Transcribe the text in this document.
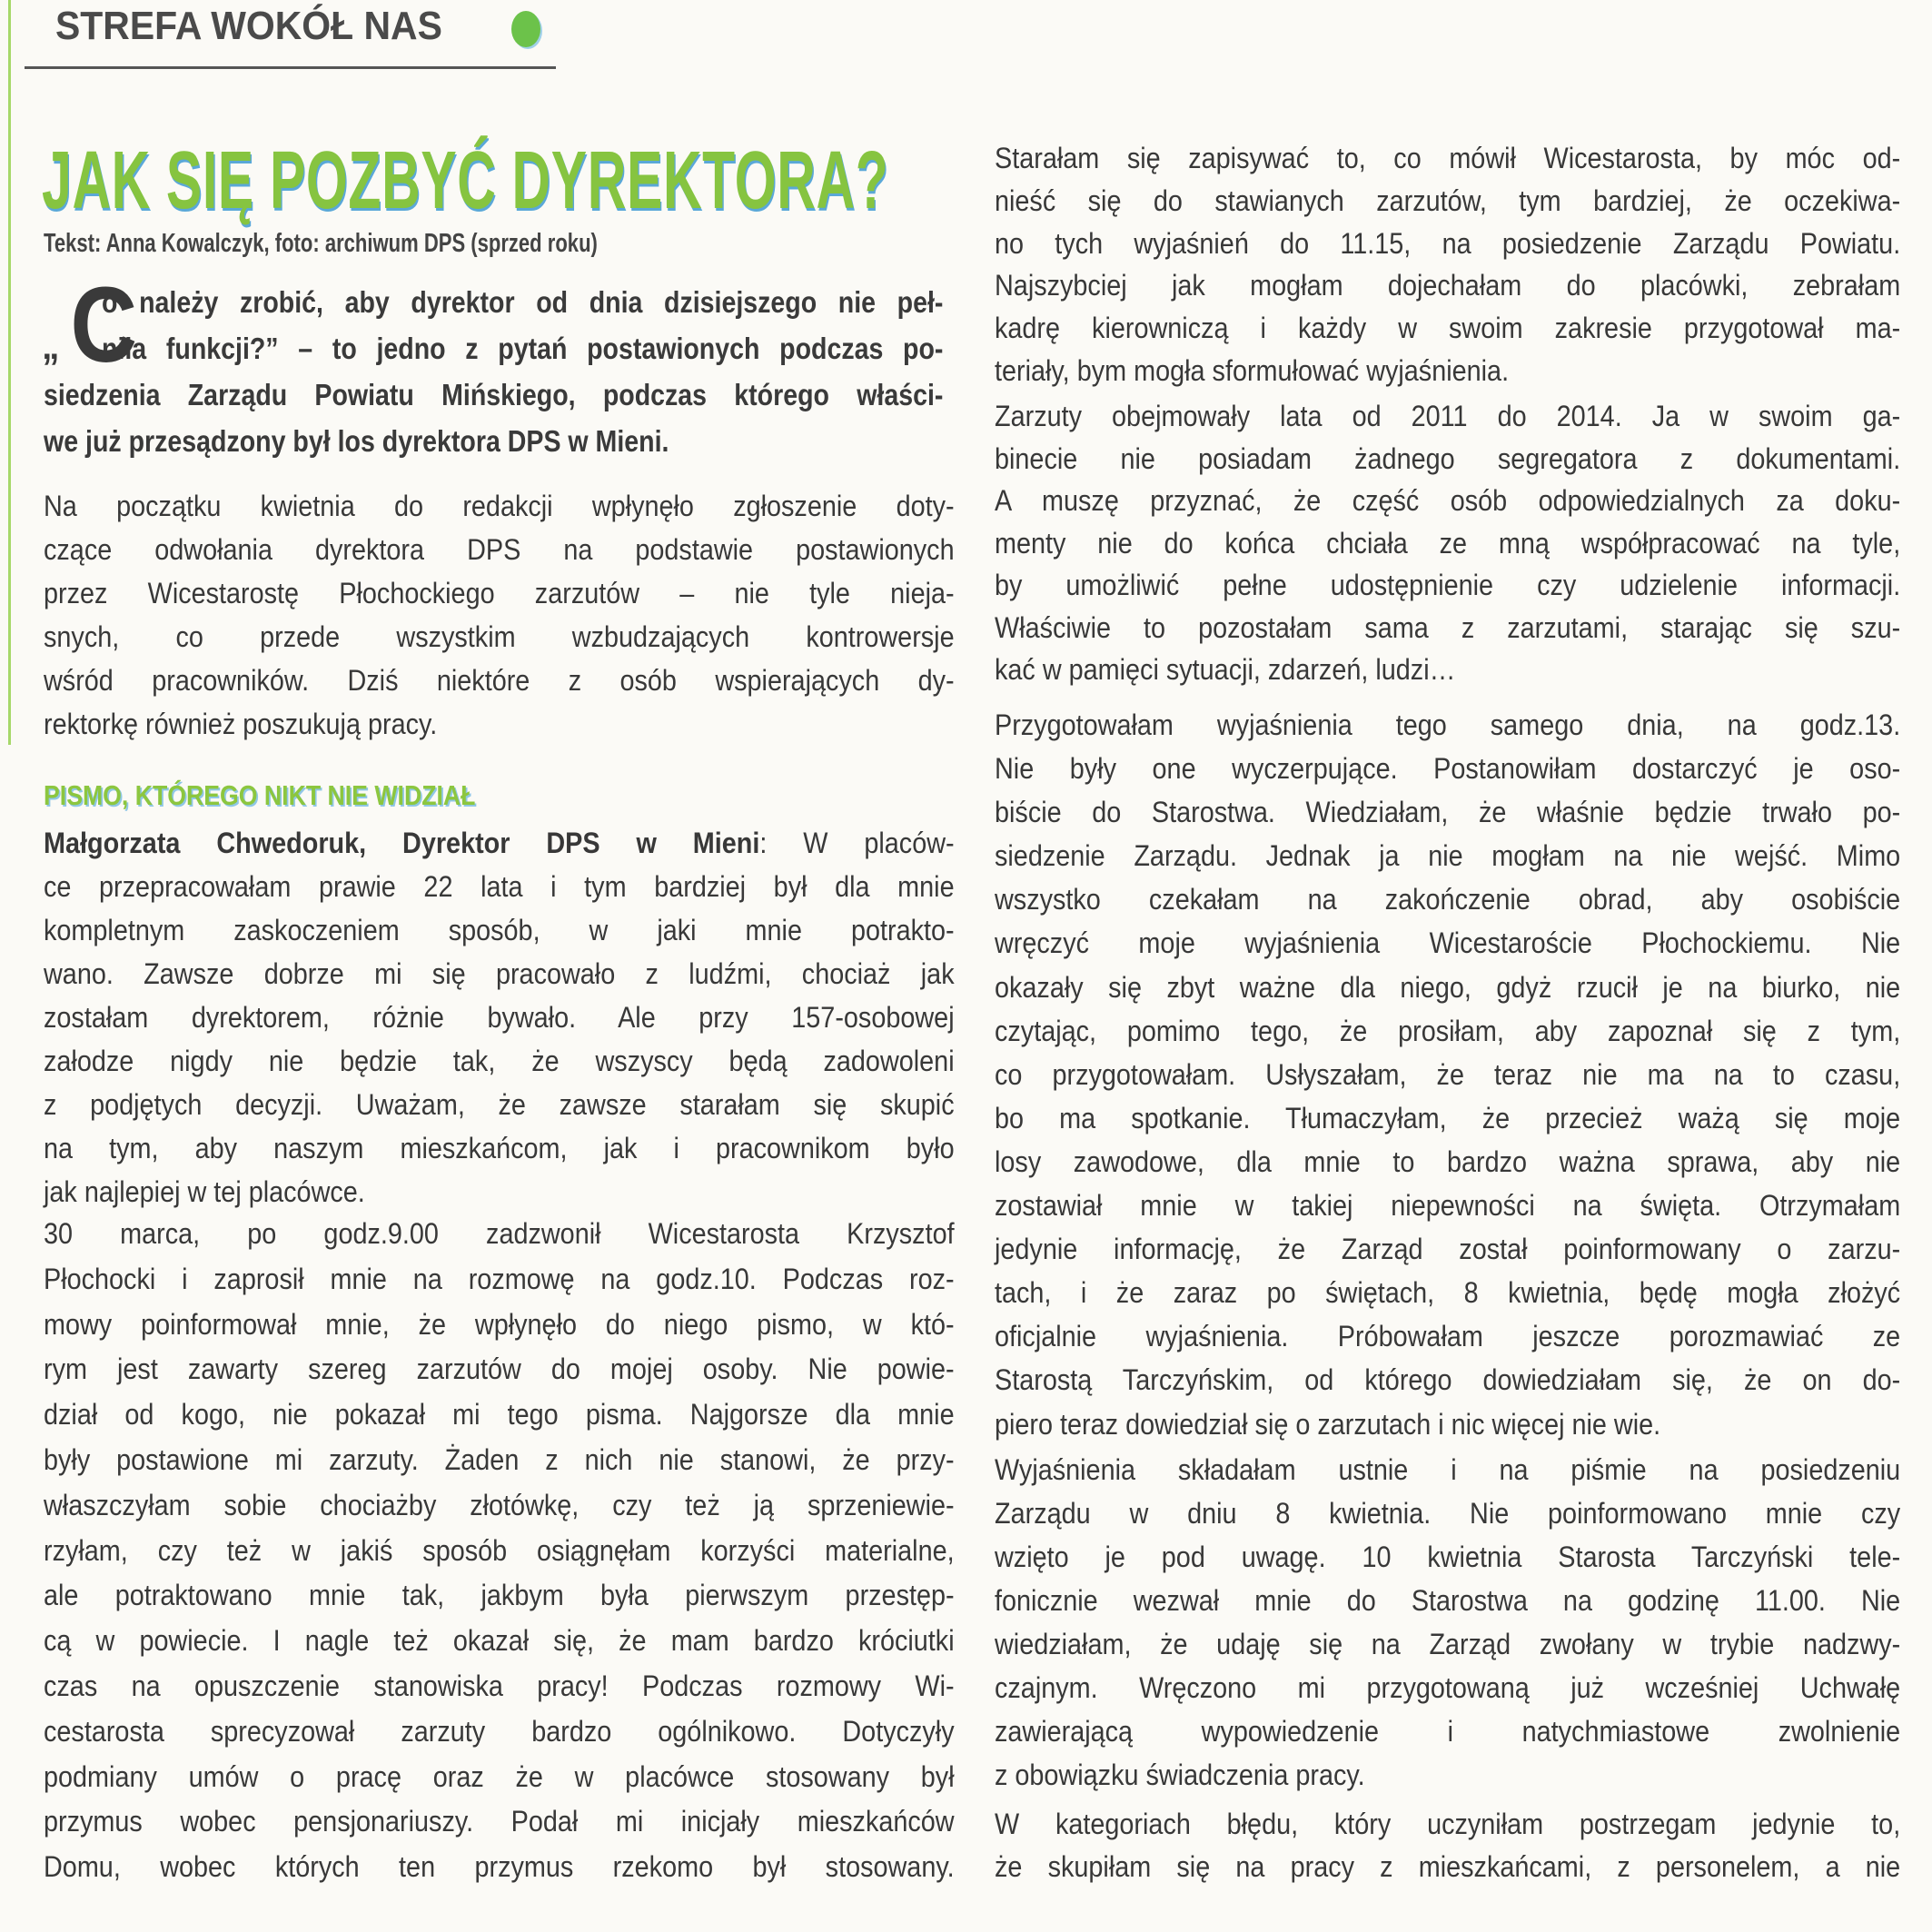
STREFA WOKÓŁ NAS
JAK SIĘ POZBYĆ DYREKTORA?
Tekst: Anna Kowalczyk, foto: archiwum DPS (sprzed roku)
„ C
o należy zrobić, aby dyrektor od dnia dzisiejszego nie peł-
niła funkcji?” – to jedno z pytań postawionych podczas po-
siedzenia Zarządu Powiatu Mińskiego, podczas którego właści-
we już przesądzony był los dyrektora DPS w Mieni.
PISMO, KTÓREGO NIKT NIE WIDZIAŁ
Na początku kwietnia do redakcji wpłynęło zgłoszenie doty-
czące odwołania dyrektora DPS na podstawie postawionych
przez Wicestarostę Płochockiego zarzutów – nie tyle nieja-
snych, co przede wszystkim wzbudzających kontrowersje
wśród pracowników. Dziś niektóre z osób wspierających dy-
rektorkę również poszukują pracy.
Małgorzata Chwedoruk, Dyrektor DPS w Mieni: W placów-
ce przepracowałam prawie 22 lata i tym bardziej był dla mnie
kompletnym zaskoczeniem sposób, w jaki mnie potrakto-
wano. Zawsze dobrze mi się pracowało z ludźmi, chociaż jak
zostałam dyrektorem, różnie bywało. Ale przy 157-osobowej
załodze nigdy nie będzie tak, że wszyscy będą zadowoleni
z podjętych decyzji. Uważam, że zawsze starałam się skupić
na tym, aby naszym mieszkańcom, jak i pracownikom było
jak najlepiej w tej placówce.
30 marca, po godz.9.00 zadzwonił Wicestarosta Krzysztof
Płochocki i zaprosił mnie na rozmowę na godz.10. Podczas roz-
mowy poinformował mnie, że wpłynęło do niego pismo, w któ-
rym jest zawarty szereg zarzutów do mojej osoby. Nie powie-
dział od kogo, nie pokazał mi tego pisma. Najgorsze dla mnie
były postawione mi zarzuty. Żaden z nich nie stanowi, że przy-
właszczyłam sobie chociażby złotówkę, czy też ją sprzeniewie-
rzyłam, czy też w jakiś sposób osiągnęłam korzyści materialne,
ale potraktowano mnie tak, jakbym była pierwszym przestęp-
cą w powiecie. I nagle też okazał się, że mam bardzo króciutki
czas na opuszczenie stanowiska pracy! Podczas rozmowy Wi-
cestarosta sprecyzował zarzuty bardzo ogólnikowo. Dotyczyły
podmiany umów o pracę oraz że w placówce stosowany był
przymus wobec pensjonariuszy. Podał mi inicjały mieszkańców
Domu, wobec których ten przymus rzekomo był stosowany.
Starałam się zapisywać to, co mówił Wicestarosta, by móc od-
nieść się do stawianych zarzutów, tym bardziej, że oczekiwa-
no tych wyjaśnień do 11.15, na posiedzenie Zarządu Powiatu.
Najszybciej jak mogłam dojechałam do placówki, zebrałam
kadrę kierowniczą i każdy w swoim zakresie przygotował ma-
teriały, bym mogła sformułować wyjaśnienia.
Zarzuty obejmowały lata od 2011 do 2014. Ja w swoim ga-
binecie nie posiadam żadnego segregatora z dokumentami.
A muszę przyznać, że część osób odpowiedzialnych za doku-
menty nie do końca chciała ze mną współpracować na tyle,
by umożliwić pełne udostępnienie czy udzielenie informacji.
Właściwie to pozostałam sama z zarzutami, starając się szu-
kać w pamięci sytuacji, zdarzeń, ludzi…
Przygotowałam wyjaśnienia tego samego dnia, na godz.13.
Nie były one wyczerpujące. Postanowiłam dostarczyć je oso-
biście do Starostwa. Wiedziałam, że właśnie będzie trwało po-
siedzenie Zarządu. Jednak ja nie mogłam na nie wejść. Mimo
wszystko czekałam na zakończenie obrad, aby osobiście
wręczyć moje wyjaśnienia Wicestaroście Płochockiemu. Nie
okazały się zbyt ważne dla niego, gdyż rzucił je na biurko, nie
czytając, pomimo tego, że prosiłam, aby zapoznał się z tym,
co przygotowałam. Usłyszałam, że teraz nie ma na to czasu,
bo ma spotkanie. Tłumaczyłam, że przecież ważą się moje
losy zawodowe, dla mnie to bardzo ważna sprawa, aby nie
zostawiał mnie w takiej niepewności na święta. Otrzymałam
jedynie informację, że Zarząd został poinformowany o zarzu-
tach, i że zaraz po świętach, 8 kwietnia, będę mogła złożyć
oficjalnie wyjaśnienia. Próbowałam jeszcze porozmawiać ze
Starostą Tarczyńskim, od którego dowiedziałam się, że on do-
piero teraz dowiedział się o zarzutach i nic więcej nie wie.
Wyjaśnienia składałam ustnie i na piśmie na posiedzeniu
Zarządu w dniu 8 kwietnia. Nie poinformowano mnie czy
wzięto je pod uwagę. 10 kwietnia Starosta Tarczyński tele-
fonicznie wezwał mnie do Starostwa na godzinę 11.00. Nie
wiedziałam, że udaję się na Zarząd zwołany w trybie nadzwy-
czajnym. Wręczono mi przygotowaną już wcześniej Uchwałę
zawierającą wypowiedzenie i natychmiastowe zwolnienie
z obowiązku świadczenia pracy.
W kategoriach błędu, który uczyniłam postrzegam jedynie to,
że skupiłam się na pracy z mieszkańcami, z personelem, a nie
